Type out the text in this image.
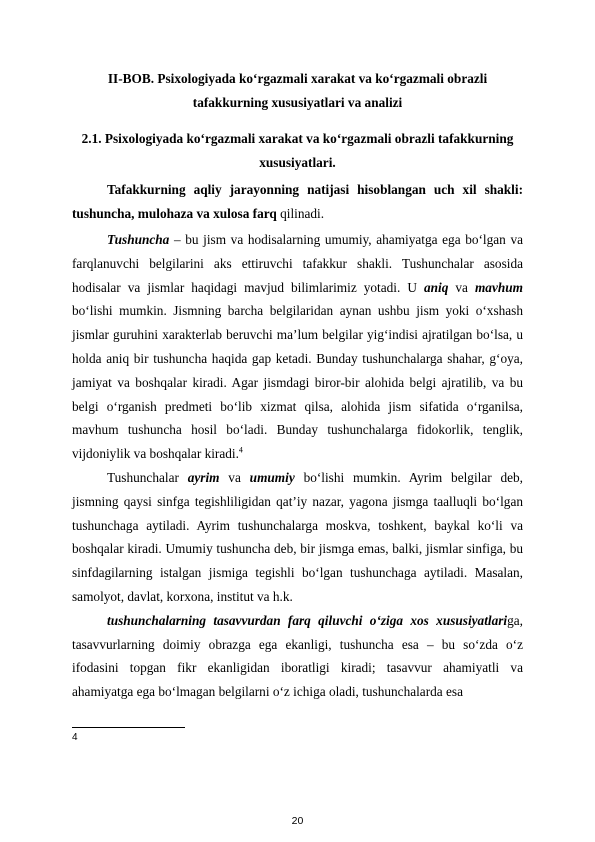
II-BOB. Psixologiyada ko‘rgazmali xarakat va ko‘rgazmali obrazli tafakkurning xususiyatlari va analizi
2.1. Psixologiyada ko‘rgazmali xarakat va ko‘rgazmali obrazli tafakkurning xususiyatlari.

Tafakkurning aqliy jarayonning natijasi hisoblangan uch xil shakli: tushuncha, mulohaza va xulosa farq qilinadi.

Tushuncha – bu jism va hodisalarning umumiy, ahamiyatga ega bo‘lgan va farqlanuvchi belgilarini aks ettiruvchi tafakkur shakli. Tushunchalar asosida hodisalar va jismlar haqidagi mavjud bilimlarimiz yotadi. U aniq va mavhum bo‘lishi mumkin. Jismning barcha belgilaridan aynan ushbu jism yoki o‘xshash jismlar guruhini xarakterlab beruvchi ma’lum belgilar yig‘indisi ajratilgan bo‘lsa, u holda aniq bir tushuncha haqida gap ketadi. Bunday tushunchalarga shahar, g‘oya, jamiyat va boshqalar kiradi. Agar jismdagi biror-bir alohida belgi ajratilib, va bu belgi o‘rganish predmeti bo‘lib xizmat qilsa, alohida jism sifatida o‘rganilsa, mavhum tushuncha hosil bo‘ladi. Bunday tushunchalarga fidokorlik, tenglik, vijdoniylik va boshqalar kiradi.$^4$

Tushunchalar ayrim va umumiy bo‘lishi mumkin. Ayrim belgilar deb, jismning qaysi sinfga tegishliligidan qat’iy nazar, yagona jismga taalluqli bo‘lgan tushunchaga aytiladi. Ayrim tushunchalarga moskva, toshkent, baykal ko‘li va boshqalar kiradi. Umumiy tushuncha deb, bir jismga emas, balki, jismlar sinfiga, bu sinfdagilarning istalgan jismiga tegishli bo‘lgan tushunchaga aytiladi. Masalan, samolyot, davlat, korxona, institut va h.k.

tushunchalarning tasavvurdan farq qiluvchi o‘ziga xos xususiyatlariga, tasavvurlarning doimiy obrazga ega ekanligi, tushuncha esa – bu so‘zda o‘z ifodasini topgan fikr ekanligidan iboratligi kiradi; tasavvur ahamiyatli va ahamiyatga ega bo‘lmagan belgilarni o‘z ichiga oladi, tushunchalarda esa

4
20
